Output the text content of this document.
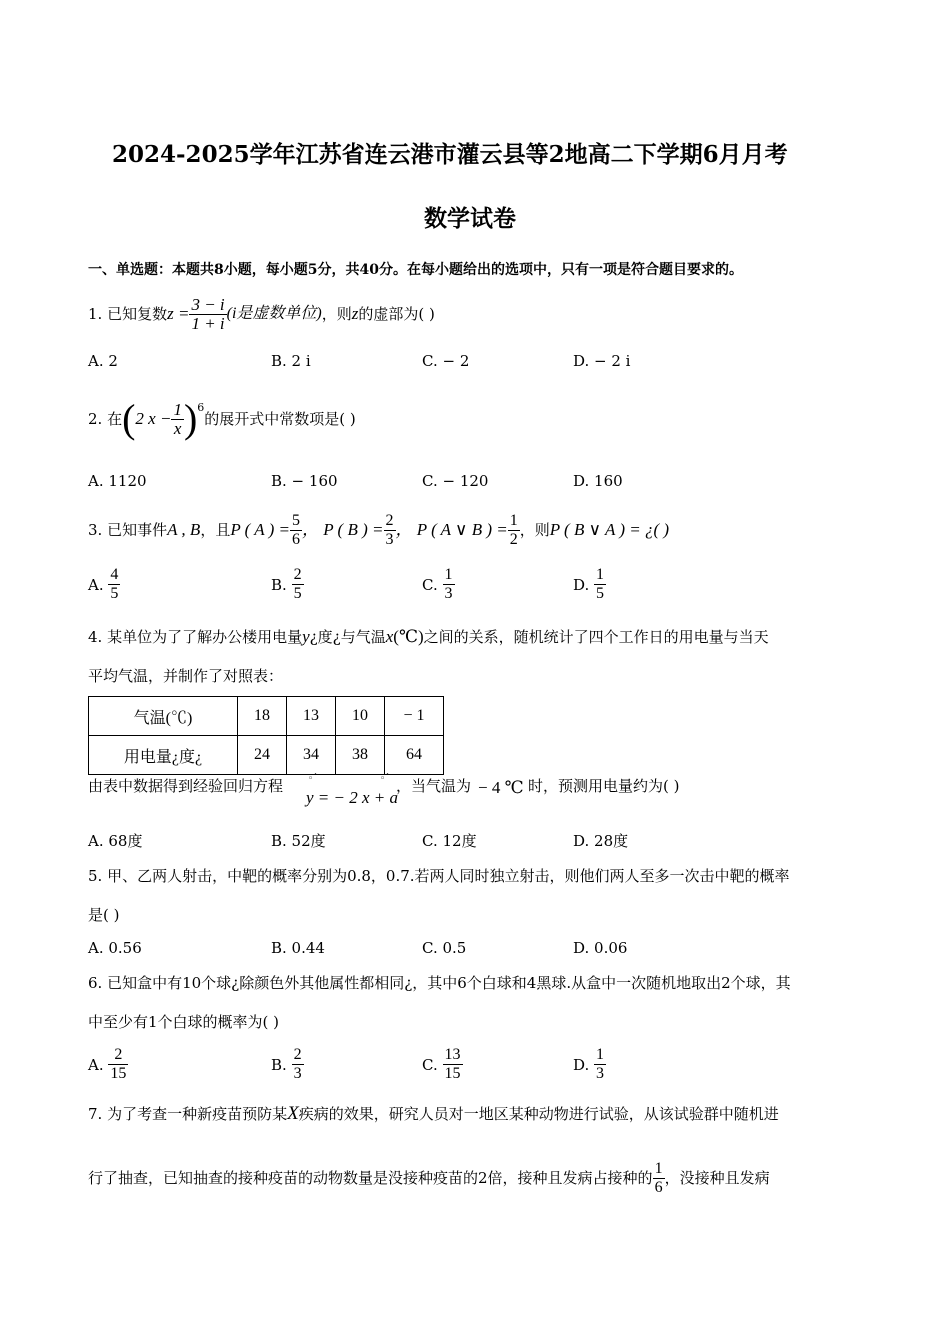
2024-2025学年江苏省连云港市灌云县等2地高二下学期6月月考
数学试卷
一、单选题：本题共8小题，每小题5分，共40分。在每小题给出的选项中，只有一项是符合题目要求的。
1. 已知复数 $z = \frac{3 - i}{1 + i} (i$是虚数单位) ，则 z 的虚部为( )
A. 2	B. 2 i	C. − 2	D. − 2 i
2. 在 ( 2 $x - \frac{1}{x}$ ) 6
的展开式中常数项是( )
A. 1120	B. − 160	C. − 120	D. 160
3. 已知事件 A , B ，且 P ( A ) = $\frac{5}{6}$ ， P ( B ) = $\frac{2}{3}$ ， P ( A ∨ B ) = $\frac{1}{2}$ ，则 P ( B ∨ A ) = ¿( )
A.
$\frac{4}{5}$	B.
$\frac{2}{5}$	C.
$\frac{1}{3}$	D.
$\frac{1}{5}$
4. 某单位为了了解办公楼用电量 y ¿度¿与气温 x (℃) 之间的关系，随机统计了四个工作日的用电量与当天
平均气温，并制作了对照表：
气温(℃)	18	13	10	− 1
用电量¿度¿	24	34	38	64
由表中数据得到经验回归方程	◦ˆ	◦ˆ
y = − 2 x + a
，当气温为 − 4 ℃ 时，预测用电量约为( )
A. 68度	B. 52度	C. 12度	D. 28度
5. 甲、乙两人射击，中靶的概率分别为0.8，0.7.若两人同时独立射击，则他们两人至多一次击中靶的概率
是( )
A. 0.56	B. 0.44	C. 0.5	D. 0.06
6. 已知盒中有10个球¿除颜色外其他属性都相同¿，其中6个白球和4黑球.从盒中一次随机地取出2个球，其
中至少有1个白球的概率为( )
A.
$\frac{2}{15}$	B.
$\frac{2}{3}$	C.
$\frac{13}{15}$	D.
$\frac{1}{3}$
7. 为了考查一种新疫苗预防某 X 疾病的效果，研究人员对一地区某种动物进行试验，从该试验群中随机进
行了抽查，已知抽查的接种疫苗的动物数量是没接种疫苗的2倍，接种且发病占接种的 $\frac{1}{6}$ ，没接种且发病
